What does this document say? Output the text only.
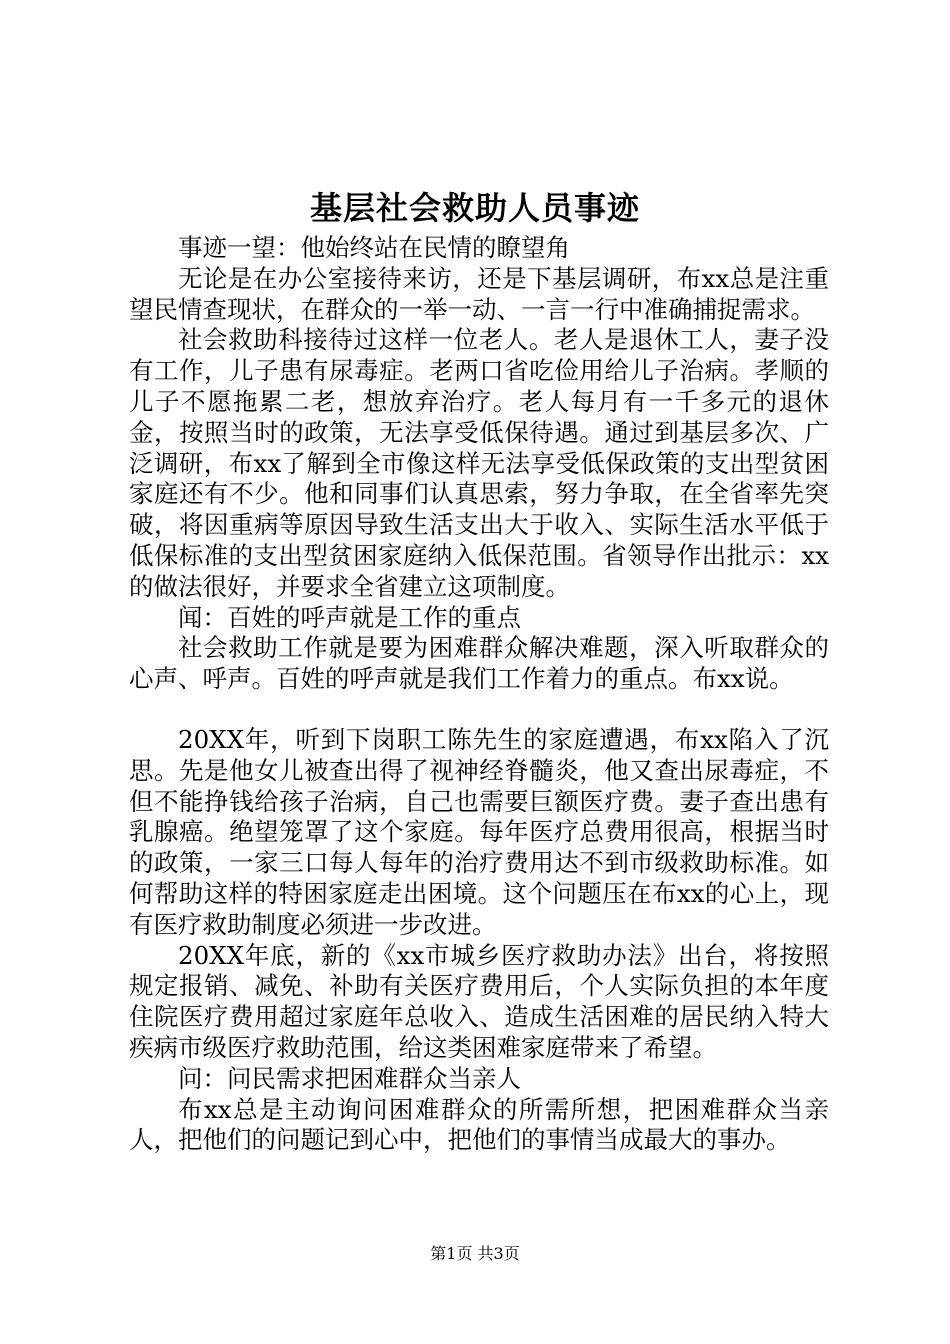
基层社会救助人员事迹

事迹一望：他始终站在民情的瞭望角

无论是在办公室接待来访，还是下基层调研，布xx总是注重望民情查现状，在群众的一举一动、一言一行中准确捕捉需求。

社会救助科接待过这样一位老人。老人是退休工人，妻子没有工作，儿子患有尿毒症。老两口省吃俭用给儿子治病。孝顺的儿子不愿拖累二老，想放弃治疗。老人每月有一千多元的退休金，按照当时的政策，无法享受低保待遇。通过到基层多次、广泛调研，布xx了解到全市像这样无法享受低保政策的支出型贫困家庭还有不少。他和同事们认真思索，努力争取，在全省率先突破，将因重病等原因导致生活支出大于收入、实际生活水平低于低保标准的支出型贫困家庭纳入低保范围。省领导作出批示：xx的做法很好，并要求全省建立这项制度。

闻：百姓的呼声就是工作的重点

社会救助工作就是要为困难群众解决难题，深入听取群众的心声、呼声。百姓的呼声就是我们工作着力的重点。布xx说。

20XX年，听到下岗职工陈先生的家庭遭遇，布xx陷入了沉思。先是他女儿被查出得了视神经脊髓炎，他又查出尿毒症，不但不能挣钱给孩子治病，自己也需要巨额医疗费。妻子查出患有乳腺癌。绝望笼罩了这个家庭。每年医疗总费用很高，根据当时的政策，一家三口每人每年的治疗费用达不到市级救助标准。如何帮助这样的特困家庭走出困境。这个问题压在布xx的心上，现有医疗救助制度必须进一步改进。

20XX年底，新的《xx市城乡医疗救助办法》出台，将按照规定报销、减免、补助有关医疗费用后，个人实际负担的本年度住院医疗费用超过家庭年总收入、造成生活困难的居民纳入特大疾病市级医疗救助范围，给这类困难家庭带来了希望。

问：问民需求把困难群众当亲人

布xx总是主动询问困难群众的所需所想，把困难群众当亲人，把他们的问题记到心中，把他们的事情当成最大的事办。

第1页 共3页
